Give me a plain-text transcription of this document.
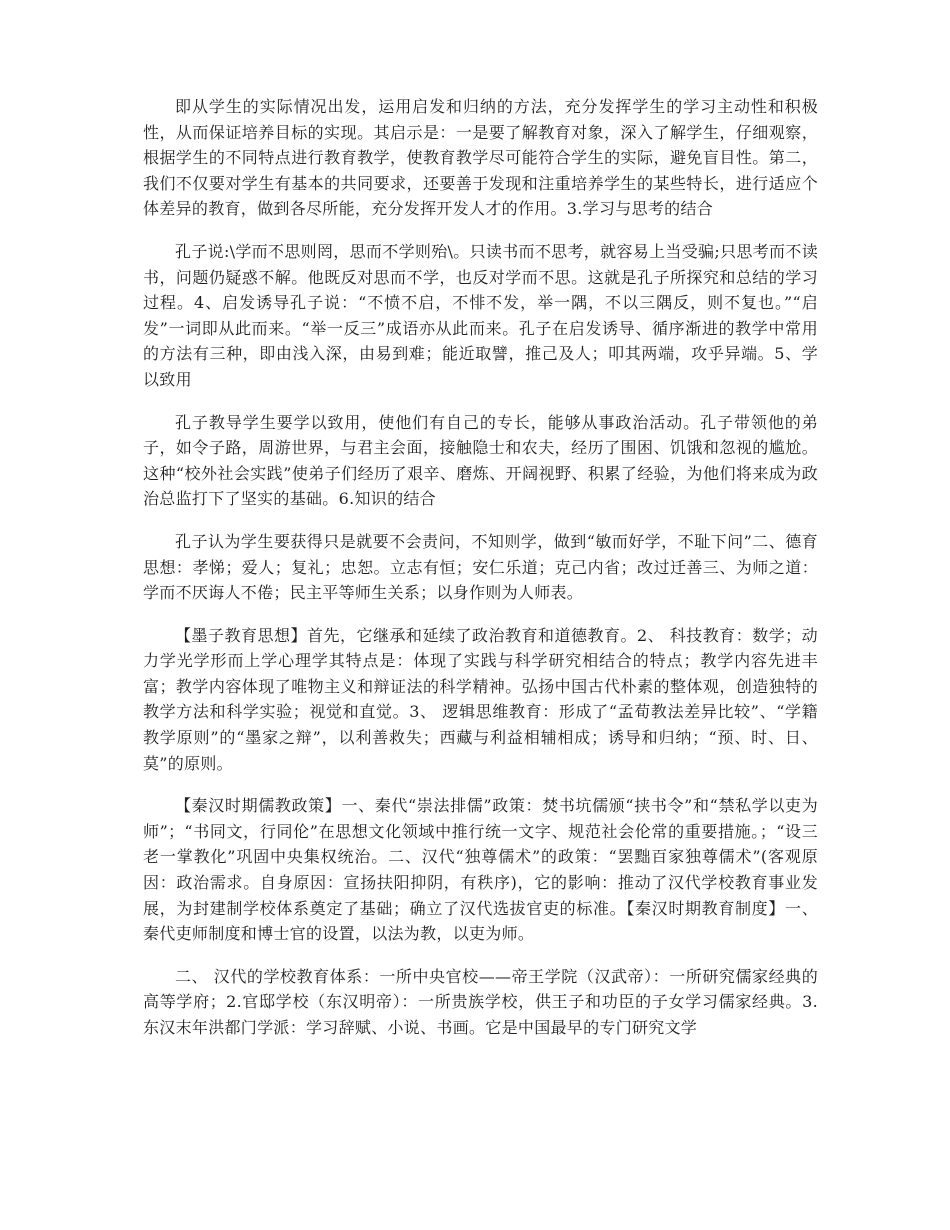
即从学生的实际情况出发，运用启发和归纳的方法，充分发挥学生的学习主动性和积极性，从而保证培养目标的实现。其启示是：一是要了解教育对象，深入了解学生，仔细观察，根据学生的不同特点进行教育教学，使教育教学尽可能符合学生的实际，避免盲目性。第二，我们不仅要对学生有基本的共同要求，还要善于发现和注重培养学生的某些特长，进行适应个体差异的教育，做到各尽所能，充分发挥开发人才的作用。3.学习与思考的结合

孔子说:\学而不思则罔，思而不学则殆\。只读书而不思考，就容易上当受骗;只思考而不读书，问题仍疑惑不解。他既反对思而不学，也反对学而不思。这就是孔子所探究和总结的学习过程。4、启发诱导孔子说：“不愤不启，不悱不发，举一隅，不以三隅反，则不复也。”“启发”一词即从此而来。“举一反三”成语亦从此而来。孔子在启发诱导、循序渐进的教学中常用的方法有三种，即由浅入深，由易到难；能近取譬，推己及人；叩其两端，攻乎异端。5、学以致用

孔子教导学生要学以致用，使他们有自己的专长，能够从事政治活动。孔子带领他的弟子，如令子路，周游世界，与君主会面，接触隐士和农夫，经历了围困、饥饿和忽视的尴尬。这种“校外社会实践”使弟子们经历了艰辛、磨炼、开阔视野、积累了经验，为他们将来成为政治总监打下了坚实的基础。6.知识的结合

孔子认为学生要获得只是就要不会责问，不知则学，做到“敏而好学，不耻下问”二、德育思想：孝悌；爱人；复礼；忠恕。立志有恒；安仁乐道；克己内省；改过迁善三、为师之道：学而不厌诲人不倦；民主平等师生关系；以身作则为人师表。

【墨子教育思想】首先，它继承和延续了政治教育和道德教育。2、 科技教育：数学；动力学光学形而上学心理学其特点是：体现了实践与科学研究相结合的特点；教学内容先进丰富；教学内容体现了唯物主义和辩证法的科学精神。弘扬中国古代朴素的整体观，创造独特的教学方法和科学实验；视觉和直觉。3、 逻辑思维教育：形成了“孟荀教法差异比较”、“学籍教学原则”的“墨家之辩”，以利善救失；西藏与利益相辅相成；诱导和归纳；“预、时、日、莫”的原则。

【秦汉时期儒教政策】一、秦代“崇法排儒”政策：焚书坑儒颁“挟书令”和“禁私学以吏为师”；“书同文，行同伦”在思想文化领域中推行统一文字、规范社会伦常的重要措施。；“设三老一掌教化”巩固中央集权统治。二、汉代“独尊儒术”的政策：“罢黜百家独尊儒术”(客观原因：政治需求。自身原因：宣扬扶阳抑阴，有秩序)，它的影响：推动了汉代学校教育事业发展，为封建制学校体系奠定了基础；确立了汉代选拔官吏的标准。【秦汉时期教育制度】一、秦代吏师制度和博士官的设置，以法为教，以吏为师。

二、 汉代的学校教育体系：一所中央官校——帝王学院（汉武帝）：一所研究儒家经典的高等学府；2.官邸学校（东汉明帝）：一所贵族学校，供王子和功臣的子女学习儒家经典。3.东汉末年洪都门学派：学习辞赋、小说、书画。它是中国最早的专门研究文学
